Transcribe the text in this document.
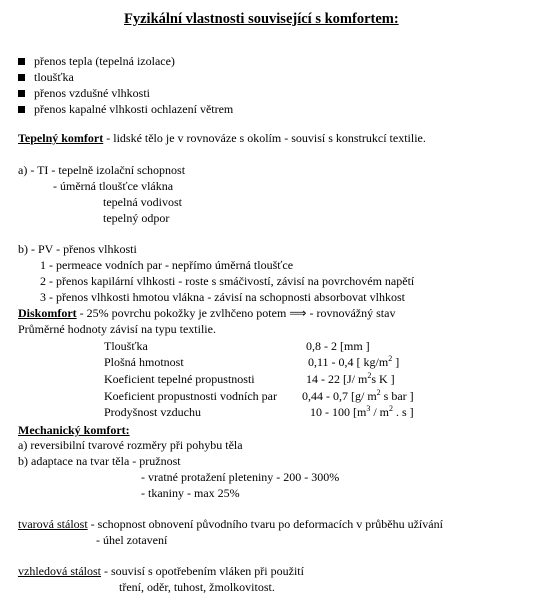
Fyzikální vlastnosti související s komfortem:
přenos tepla (tepelná izolace)
tloušťka
přenos vzdušné vlhkosti
přenos kapalné vlhkosti ochlazení větrem
Tepelný komfort - lidské tělo je v rovnováze s okolím - souvisí s konstrukcí textilie.
a) - TI - tepelně izolační schopnost
- úměrná tloušťce vlákna
tepelná vodivost
tepelný odpor
b) - PV - přenos vlhkosti
1 - permeace vodních par - nepřímo úměrná tloušťce
2 - přenos kapilární vlhkosti - roste s smáčivostí, závisí na povrchovém napětí
3 - přenos vlhkosti hmotou vlákna - závisí na schopnosti absorbovat vlhkost
Diskomfort - 25% povrchu pokožky je zvlhčeno potem ⟹ - rovnovážný stav
Průměrné hodnoty závisí na typu textilie.
Tloušťka	0,8 - 2 [mm ]
Plošná hmotnost	0,11 - 0,4 [ $kg/m^2$ ]
Koeficient tepelné propustnosti	14 - 22 [J/ $m^2s$ K ]
Koeficient propustnosti vodních par 0,44 - 0,7 [g/ $m^2$ s bar ]
Prodyšnost vzduchu	10 - 100 [$m^3 / m^2$ . s ]
Mechanický komfort:
a) reversibilní tvarové rozměry při pohybu těla
b) adaptace na tvar těla - pružnost
- vratné protažení pleteniny - 200 - 300%
- tkaniny - max 25%
tvarová stálost - schopnost obnovení původního tvaru po deformacích v průběhu užívání
- úhel zotavení
vzhledová stálost - souvisí s opotřebením vláken při použití
tření, oděr, tuhost, žmolkovitost.
